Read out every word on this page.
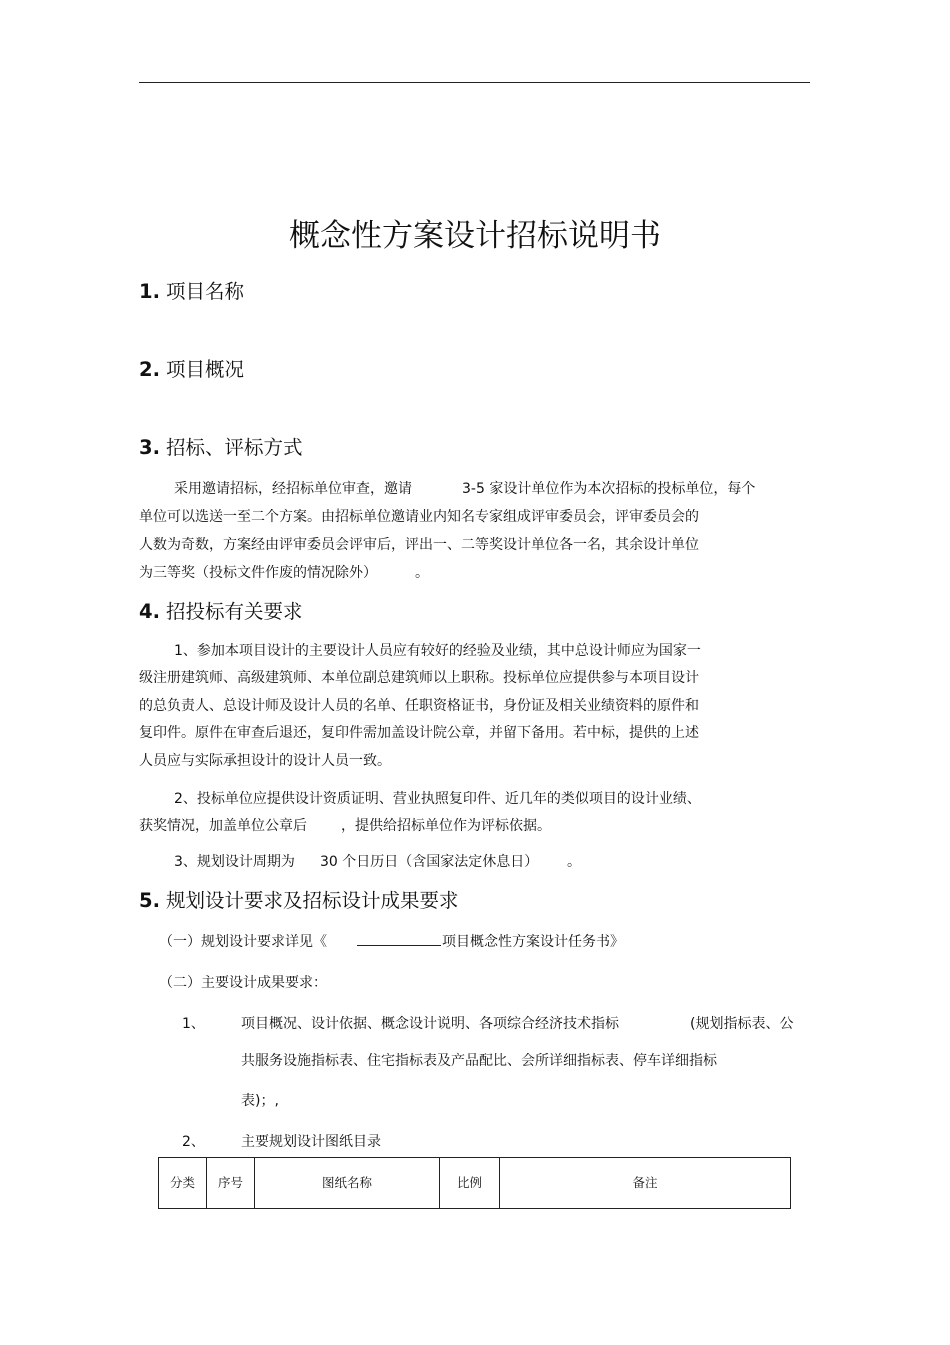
概念性方案设计招标说明书
1. 项目名称
2. 项目概况
3. 招标、评标方式
采用邀请招标，经招标单位审查，邀请	3-5 家设计单位作为本次招标的投标单位，每个
单位可以选送一至二个方案。由招标单位邀请业内知名专家组成评审委员会，评审委员会的
人数为奇数，方案经由评审委员会评审后，评出一、二等奖设计单位各一名，其余设计单位
为三等奖（投标文件作废的情况除外）	。
4. 招投标有关要求
1、参加本项目设计的主要设计人员应有较好的经验及业绩，其中总设计师应为国家一
级注册建筑师、高级建筑师、本单位副总建筑师以上职称。投标单位应提供参与本项目设计
的总负责人、总设计师及设计人员的名单、任职资格证书，身份证及相关业绩资料的原件和
复印件。原件在审查后退还，复印件需加盖设计院公章，并留下备用。若中标，提供的上述
人员应与实际承担设计的设计人员一致。
2、投标单位应提供设计资质证明、营业执照复印件、近几年的类似项目的设计业绩、
获奖情况，加盖单位公章后 ，提供给招标单位作为评标依据。
3、规划设计周期为 30 个日历日（含国家法定休息日） 。
5. 规划设计要求及招标设计成果要求
（一）规划设计要求详见《	项目概念性方案设计任务书》
（二）主要设计成果要求：
1、	项目概况、设计依据、概念设计说明、各项综合经济技术指标	(规划指标表、公
共服务设施指标表、住宅指标表及产品配比、会所详细指标表、停车详细指标
表)；,
2、	主要规划设计图纸目录
分类	序号	图纸名称	比例	备注
